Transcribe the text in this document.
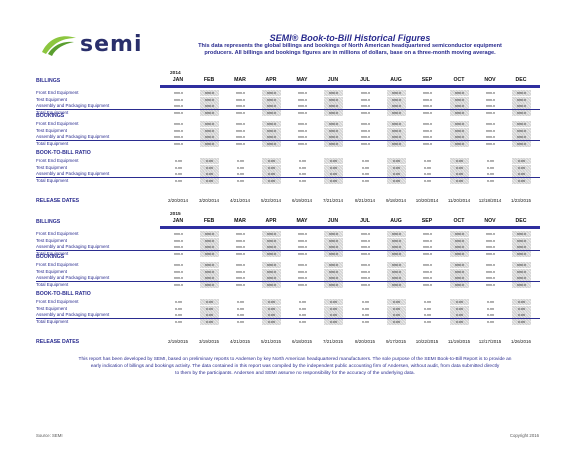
semi	SEMI® Book-to-Bill Historical Figures
This data represents the global billings and bookings of North American headquartered semiconductor equipment
producers. All billings and bookings figures are in millions of dollars, base on a three-month moving average.
2014
BILLINGS	JAN	FEB	MAR	APR	MAY	JUN	JUL	AUG	SEP	OCT	NOV	DEC
Front End Equipment	xxx.x	xxx.x	xxx.x	xxx.x	xxx.x	xxx.x	xxx.x	xxx.x	xxx.x	xxx.x	xxx.x	xxx.x
Test Equipment	xxx.x	xxx.x	xxx.x	xxx.x	xxx.x	xxx.x	xxx.x	xxx.x	xxx.x	xxx.x	xxx.x	xxx.x
Assembly and Packaging Equipment	xxx.x	xxx.x	xxx.x	xxx.x	xxx.x	xxx.x	xxx.x	xxx.x	xxx.x	xxx.x	xxx.x	xxx.x
Total Equipment	xxx.x	xxx.x	xxx.x	xxx.x	xxx.x	xxx.x	xxx.x	xxx.x	xxx.x	xxx.x	xxx.x	xxx.x
BOOKINGS
Front End Equipment	xxx.x	xxx.x	xxx.x	xxx.x	xxx.x	xxx.x	xxx.x	xxx.x	xxx.x	xxx.x	xxx.x	xxx.x
Test Equipment	xxx.x	xxx.x	xxx.x	xxx.x	xxx.x	xxx.x	xxx.x	xxx.x	xxx.x	xxx.x	xxx.x	xxx.x
Assembly and Packaging Equipment	xxx.x	xxx.x	xxx.x	xxx.x	xxx.x	xxx.x	xxx.x	xxx.x	xxx.x	xxx.x	xxx.x	xxx.x
Total Equipment	xxx.x	xxx.x	xxx.x	xxx.x	xxx.x	xxx.x	xxx.x	xxx.x	xxx.x	xxx.x	xxx.x	xxx.x
BOOK-TO-BILL RATIO
Front End Equipment	x.xx	x.xx	x.xx	x.xx	x.xx	x.xx	x.xx	x.xx	x.xx	x.xx	x.xx	x.xx
Test Equipment	x.xx	x.xx	x.xx	x.xx	x.xx	x.xx	x.xx	x.xx	x.xx	x.xx	x.xx	x.xx
Assembly and Packaging Equipment	x.xx	x.xx	x.xx	x.xx	x.xx	x.xx	x.xx	x.xx	x.xx	x.xx	x.xx	x.xx
Total Equipment	x.xx	x.xx	x.xx	x.xx	x.xx	x.xx	x.xx	x.xx	x.xx	x.xx	x.xx	x.xx
RELEASE DATES	2/20/2014	3/20/2014	4/21/2014	5/22/2014	6/19/2014	7/21/2014	8/21/2014	9/18/2014	10/20/2014	11/20/2014	12/18/2014	1/23/2015
2015
BILLINGS	JAN	FEB	MAR	APR	MAY	JUN	JUL	AUG	SEP	OCT	NOV	DEC
Front End Equipment	xxx.x	xxx.x	xxx.x	xxx.x	xxx.x	xxx.x	xxx.x	xxx.x	xxx.x	xxx.x	xxx.x	xxx.x
Test Equipment	xxx.x	xxx.x	xxx.x	xxx.x	xxx.x	xxx.x	xxx.x	xxx.x	xxx.x	xxx.x	xxx.x	xxx.x
Assembly and Packaging Equipment	xxx.x	xxx.x	xxx.x	xxx.x	xxx.x	xxx.x	xxx.x	xxx.x	xxx.x	xxx.x	xxx.x	xxx.x
Total Equipment	xxx.x	xxx.x	xxx.x	xxx.x	xxx.x	xxx.x	xxx.x	xxx.x	xxx.x	xxx.x	xxx.x	xxx.x
BOOKINGS
Front End Equipment	xxx.x	xxx.x	xxx.x	xxx.x	xxx.x	xxx.x	xxx.x	xxx.x	xxx.x	xxx.x	xxx.x	xxx.x
Test Equipment	xxx.x	xxx.x	xxx.x	xxx.x	xxx.x	xxx.x	xxx.x	xxx.x	xxx.x	xxx.x	xxx.x	xxx.x
Assembly and Packaging Equipment	xxx.x	xxx.x	xxx.x	xxx.x	xxx.x	xxx.x	xxx.x	xxx.x	xxx.x	xxx.x	xxx.x	xxx.x
Total Equipment	xxx.x	xxx.x	xxx.x	xxx.x	xxx.x	xxx.x	xxx.x	xxx.x	xxx.x	xxx.x	xxx.x	xxx.x
BOOK-TO-BILL RATIO
Front End Equipment	x.xx	x.xx	x.xx	x.xx	x.xx	x.xx	x.xx	x.xx	x.xx	x.xx	x.xx	x.xx
Test Equipment	x.xx	x.xx	x.xx	x.xx	x.xx	x.xx	x.xx	x.xx	x.xx	x.xx	x.xx	x.xx
Assembly and Packaging Equipment	x.xx	x.xx	x.xx	x.xx	x.xx	x.xx	x.xx	x.xx	x.xx	x.xx	x.xx	x.xx
Total Equipment	x.xx	x.xx	x.xx	x.xx	x.xx	x.xx	x.xx	x.xx	x.xx	x.xx	x.xx	x.xx
RELEASE DATES	2/19/2015	3/19/2015	4/21/2015	5/21/2015	6/18/2015	7/21/2015	8/20/2015	9/17/2015	10/22/2015	11/19/2015	12/17/2015	1/26/2016
This report has been developed by SEMI, based on preliminary reports to Andersen by key North American headquartered manufacturers. The sole purpose of the SEMI Book-to-Bill Report is to provide an
early indication of billings and bookings activity. The data contained in this report was compiled by the independent public accounting firm of Andersen, without audit, from data submitted directly
to them by the participants. Andersen and SEMI assume no responsibility for the accuracy of the underlying data.
Source: SEMI	Copyright 2016
